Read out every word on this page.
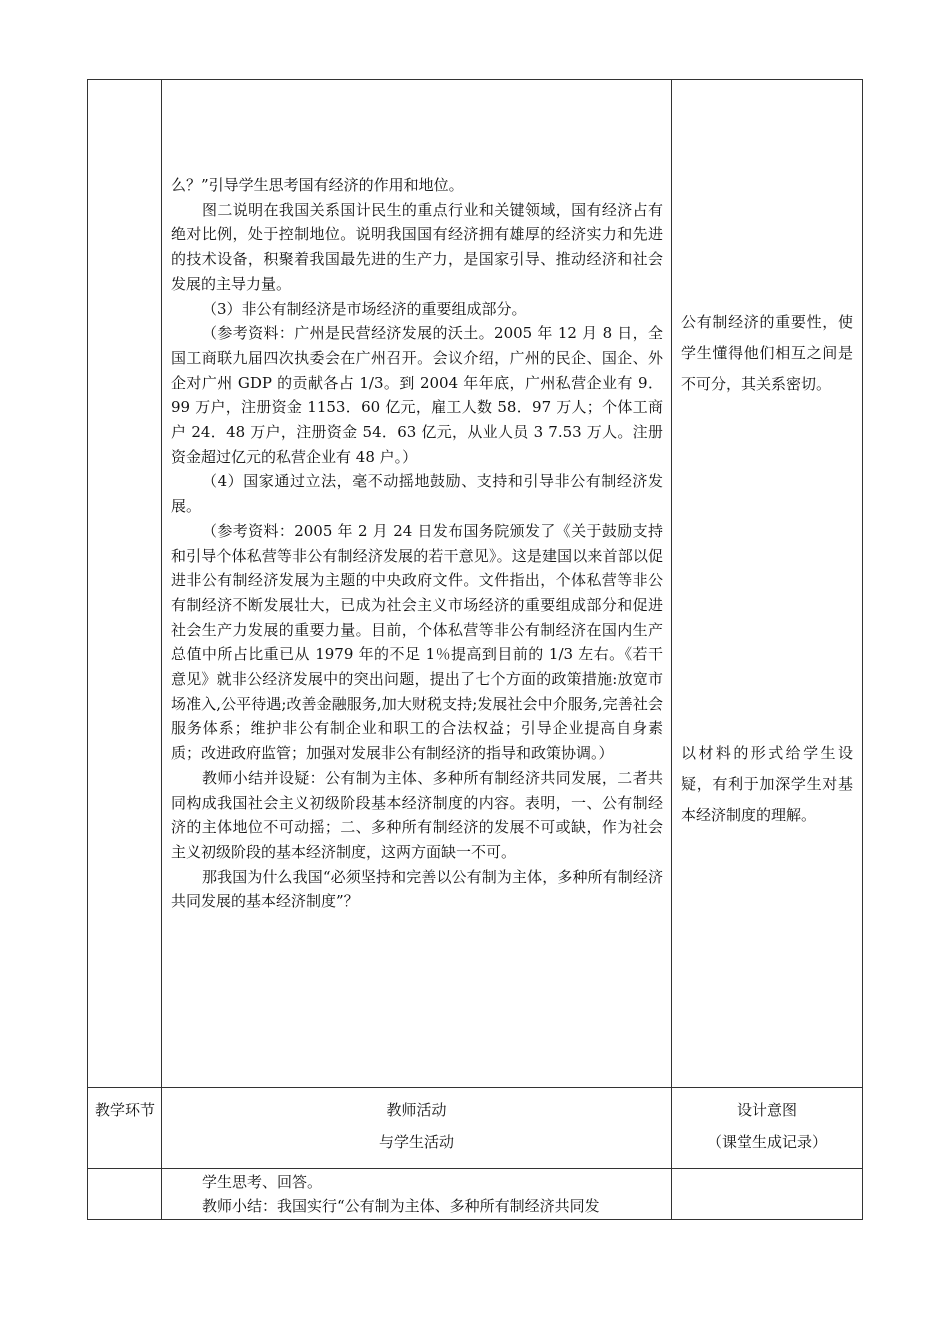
么？”引导学生思考国有经济的作用和地位。

图二说明在我国关系国计民生的重点行业和关键领域，国有经济占有绝对比例，处于控制地位。说明我国国有经济拥有雄厚的经济实力和先进的技术设备，积聚着我国最先进的生产力，是国家引导、推动经济和社会发展的主导力量。

（3）非公有制经济是市场经济的重要组成部分。

（参考资料：广州是民营经济发展的沃土。2005 年 12 月 8 日，全国工商联九届四次执委会在广州召开。会议介绍，广州的民企、国企、外企对广州 GDP 的贡献各占 1/3。到 2004 年年底，广州私营企业有 9．99 万户，注册资金 1153．60 亿元，雇工人数 58．97 万人；个体工商户 24．48 万户，注册资金 54．63 亿元，从业人员 3 7.53 万人。注册资金超过亿元的私营企业有 48 户。）

（4）国家通过立法，毫不动摇地鼓励、支持和引导非公有制经济发展。

（参考资料：2005 年 2 月 24 日发布国务院颁发了《关于鼓励支持和引导个体私营等非公有制经济发展的若干意见》。这是建国以来首部以促进非公有制经济发展为主题的中央政府文件。文件指出，个体私营等非公有制经济不断发展壮大，已成为社会主义市场经济的重要组成部分和促进社会生产力发展的重要力量。目前，个体私营等非公有制经济在国内生产总值中所占比重已从 1979 年的不足 1％提高到目前的 1/3 左右。《若干意见》就非公经济发展中的突出问题，提出了七个方面的政策措施:放宽市场准入,公平待遇;改善金融服务,加大财税支持;发展社会中介服务,完善社会服务体系；维护非公有制企业和职工的合法权益；引导企业提高自身素质；改进政府监管；加强对发展非公有制经济的指导和政策协调。）

教师小结并设疑：公有制为主体、多种所有制经济共同发展，二者共同构成我国社会主义初级阶段基本经济制度的内容。表明，一、公有制经济的主体地位不可动摇；二、多种所有制经济的发展不可或缺，作为社会主义初级阶段的基本经济制度，这两方面缺一不可。

那我国为什么我国“必须坚持和完善以公有制为主体，多种所有制经济共同发展的基本经济制度”？

公有制经济的重要性，使学生懂得他们相互之间是不可分，其关系密切。

以材料的形式给学生设疑，有利于加深学生对基本经济制度的理解。

教学环节	教师活动
与学生活动
设计意图
（课堂生成记录）

学生思考、回答。

教师小结：我国实行“公有制为主体、多种所有制经济共同发
